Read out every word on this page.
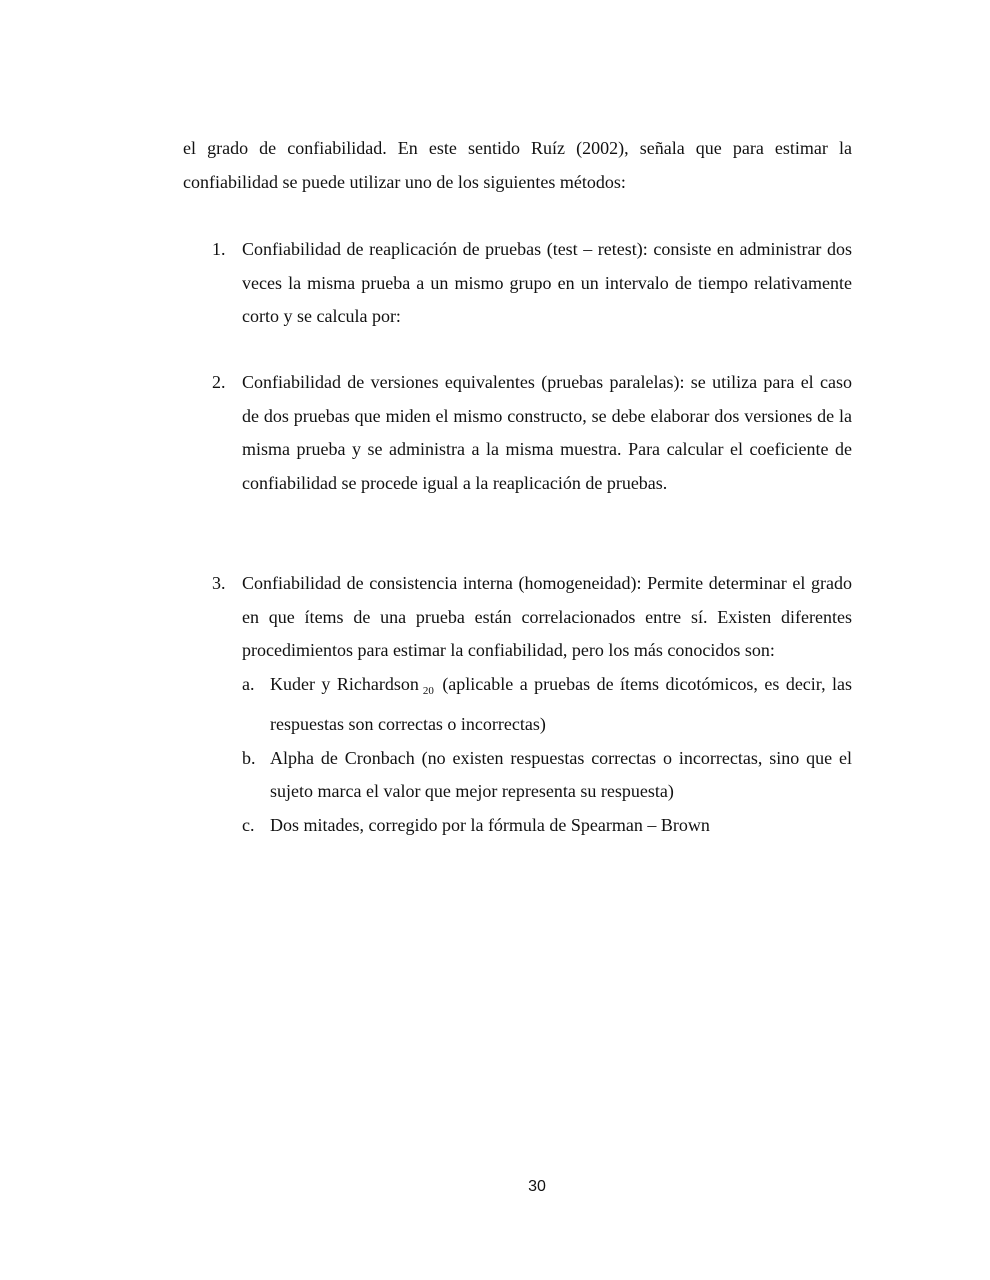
el grado de confiabilidad. En este sentido Ruíz (2002), señala que para estimar la confiabilidad se puede utilizar uno de los siguientes métodos:

1. Confiabilidad de reaplicación de pruebas (test – retest): consiste en administrar dos veces la misma prueba a un mismo grupo en un intervalo de tiempo relativamente corto y se calcula por:
2. Confiabilidad de versiones equivalentes (pruebas paralelas): se utiliza para el caso de dos pruebas que miden el mismo constructo, se debe elaborar dos versiones de la misma prueba y se administra a la misma muestra. Para calcular el coeficiente de confiabilidad se procede igual a la reaplicación de pruebas.
3. Confiabilidad de consistencia interna (homogeneidad): Permite determinar el grado en que ítems de una prueba están correlacionados entre sí. Existen diferentes procedimientos para estimar la confiabilidad, pero los más conocidos son:
a. Kuder y Richardson $_{20}$ (aplicable a pruebas de ítems dicotómicos, es decir, las respuestas son correctas o incorrectas)
b. Alpha de Cronbach (no existen respuestas correctas o incorrectas, sino que el sujeto marca el valor que mejor representa su respuesta)
c. Dos mitades, corregido por la fórmula de Spearman – Brown
30
